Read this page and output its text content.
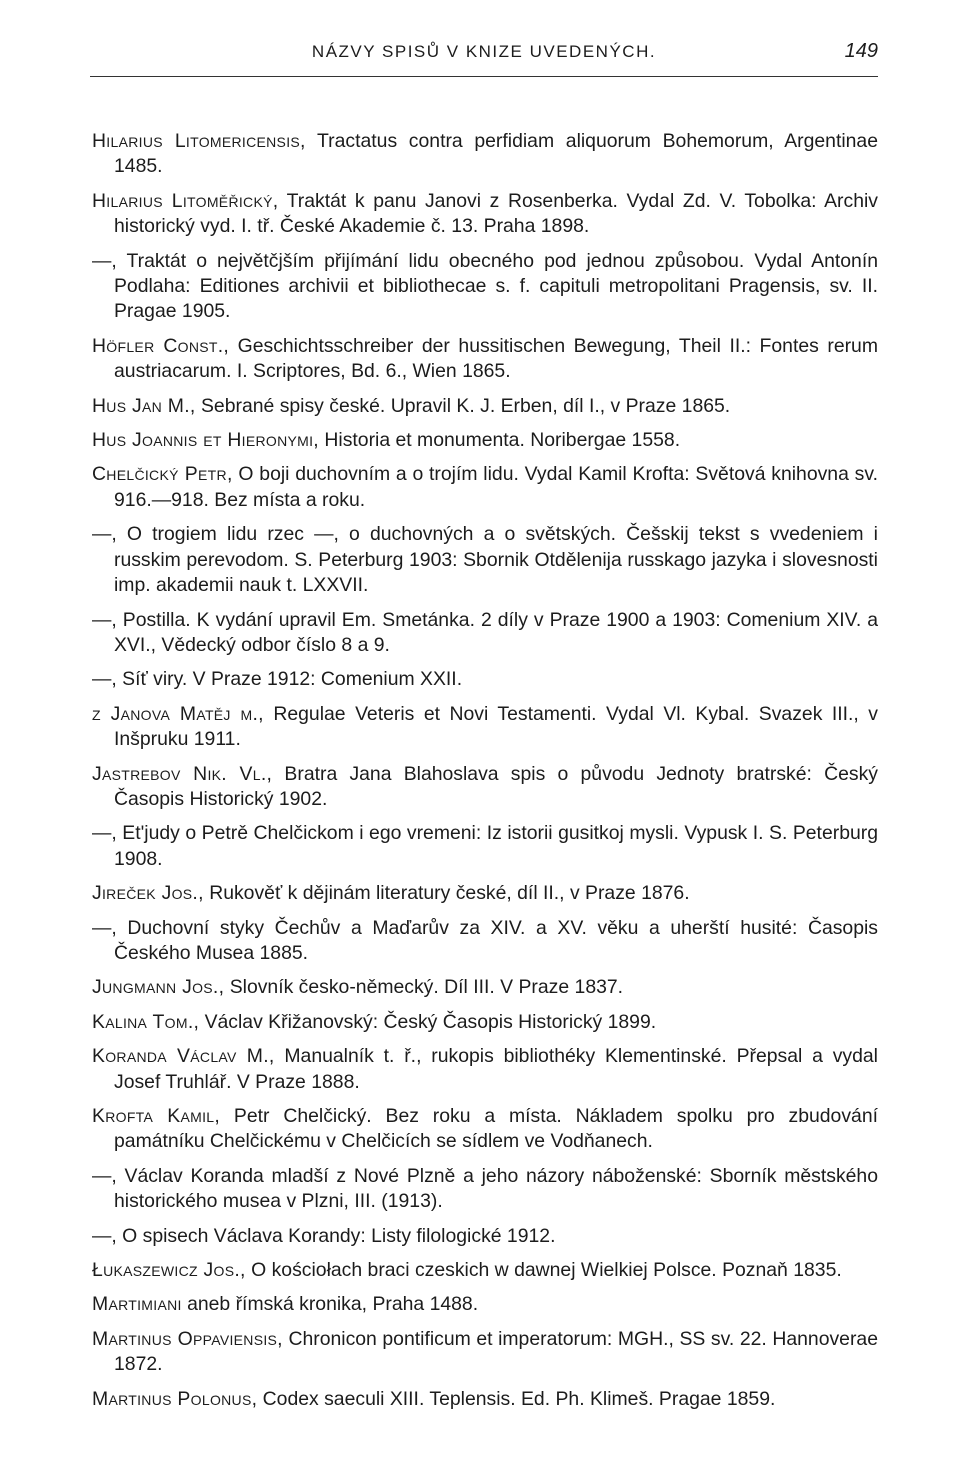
NÁZVY SPISŮ V KNIZE UVEDENÝCH.	149

Hilarius Litomericensis, Tractatus contra perfidiam aliquorum Bohemorum, Argentinae 1485.

Hilarius Litoměřický, Traktát k panu Janovi z Rosenberka. Vydal Zd. V. Tobolka: Archiv historický vyd. I. tř. České Akademie č. 13. Praha 1898.

—, Traktát o největčjším přijímání lidu obecného pod jednou způsobou. Vydal Antonín Podlaha: Editiones archivii et bibliothecae s. f. capituli metropolitani Pragensis, sv. II. Pragae 1905.

Höfler Const., Geschichtsschreiber der hussitischen Bewegung, Theil II.: Fontes rerum austriacarum. I. Scriptores, Bd. 6., Wien 1865.

Hus Jan M., Sebrané spisy české. Upravil K. J. Erben, díl I., v Praze 1865.

Hus Joannis et Hieronymi, Historia et monumenta. Noribergae 1558.

Chelčický Petr, O boji duchovním a o trojím lidu. Vydal Kamil Krofta: Světová knihovna sv. 916.—918. Bez místa a roku.

—, O trogiem lidu rzec —, o duchovných a o světských. Češskij tekst s vvedeniem i russkim perevodom. S. Peterburg 1903: Sbornik Otdělenija russkago jazyka i slovesnosti imp. akademii nauk t. LXXVII.

—, Postilla. K vydání upravil Em. Smetánka. 2 díly v Praze 1900 a 1903: Comenium XIV. a XVI., Vědecký odbor číslo 8 a 9.

—, Síť viry. V Praze 1912: Comenium XXII.

z Janova Matěj m., Regulae Veteris et Novi Testamenti. Vydal Vl. Kybal. Svazek III., v Inšpruku 1911.

Jastrebov Nik. Vl., Bratra Jana Blahoslava spis o původu Jednoty bratrské: Český Časopis Historický 1902.

—, Et'judy o Petrě Chelčickom i ego vremeni: Iz istorii gusitkoj mysli. Vypusk I. S. Peterburg 1908.

Jireček Jos., Rukověť k dějinám literatury české, díl II., v Praze 1876.

—, Duchovní styky Čechův a Maďarův za XIV. a XV. věku a uherští husité: Časopis Českého Musea 1885.

Jungmann Jos., Slovník česko-německý. Díl III. V Praze 1837.

Kalina Tom., Václav Křižanovský: Český Časopis Historický 1899.

Koranda Václav M., Manualník t. ř., rukopis bibliothéky Klementinské. Přepsal a vydal Josef Truhlář. V Praze 1888.

Krofta Kamil, Petr Chelčický. Bez roku a místa. Nákladem spolku pro zbudování památníku Chelčickému v Chelčicích se sídlem ve Vodňanech.

—, Václav Koranda mladší z Nové Plzně a jeho názory náboženské: Sborník městského historického musea v Plzni, III. (1913).

—, O spisech Václava Korandy: Listy filologické 1912.

Łukaszewicz Jos., O kościołach braci czeskich w dawnej Wielkiej Polsce. Poznaň 1835.

Martimiani aneb římská kronika, Praha 1488.

Martinus Oppaviensis, Chronicon pontificum et imperatorum: MGH., SS sv. 22. Hannoverae 1872.

Martinus Polonus, Codex saeculi XIII. Teplensis. Ed. Ph. Klimeš. Pragae 1859.
